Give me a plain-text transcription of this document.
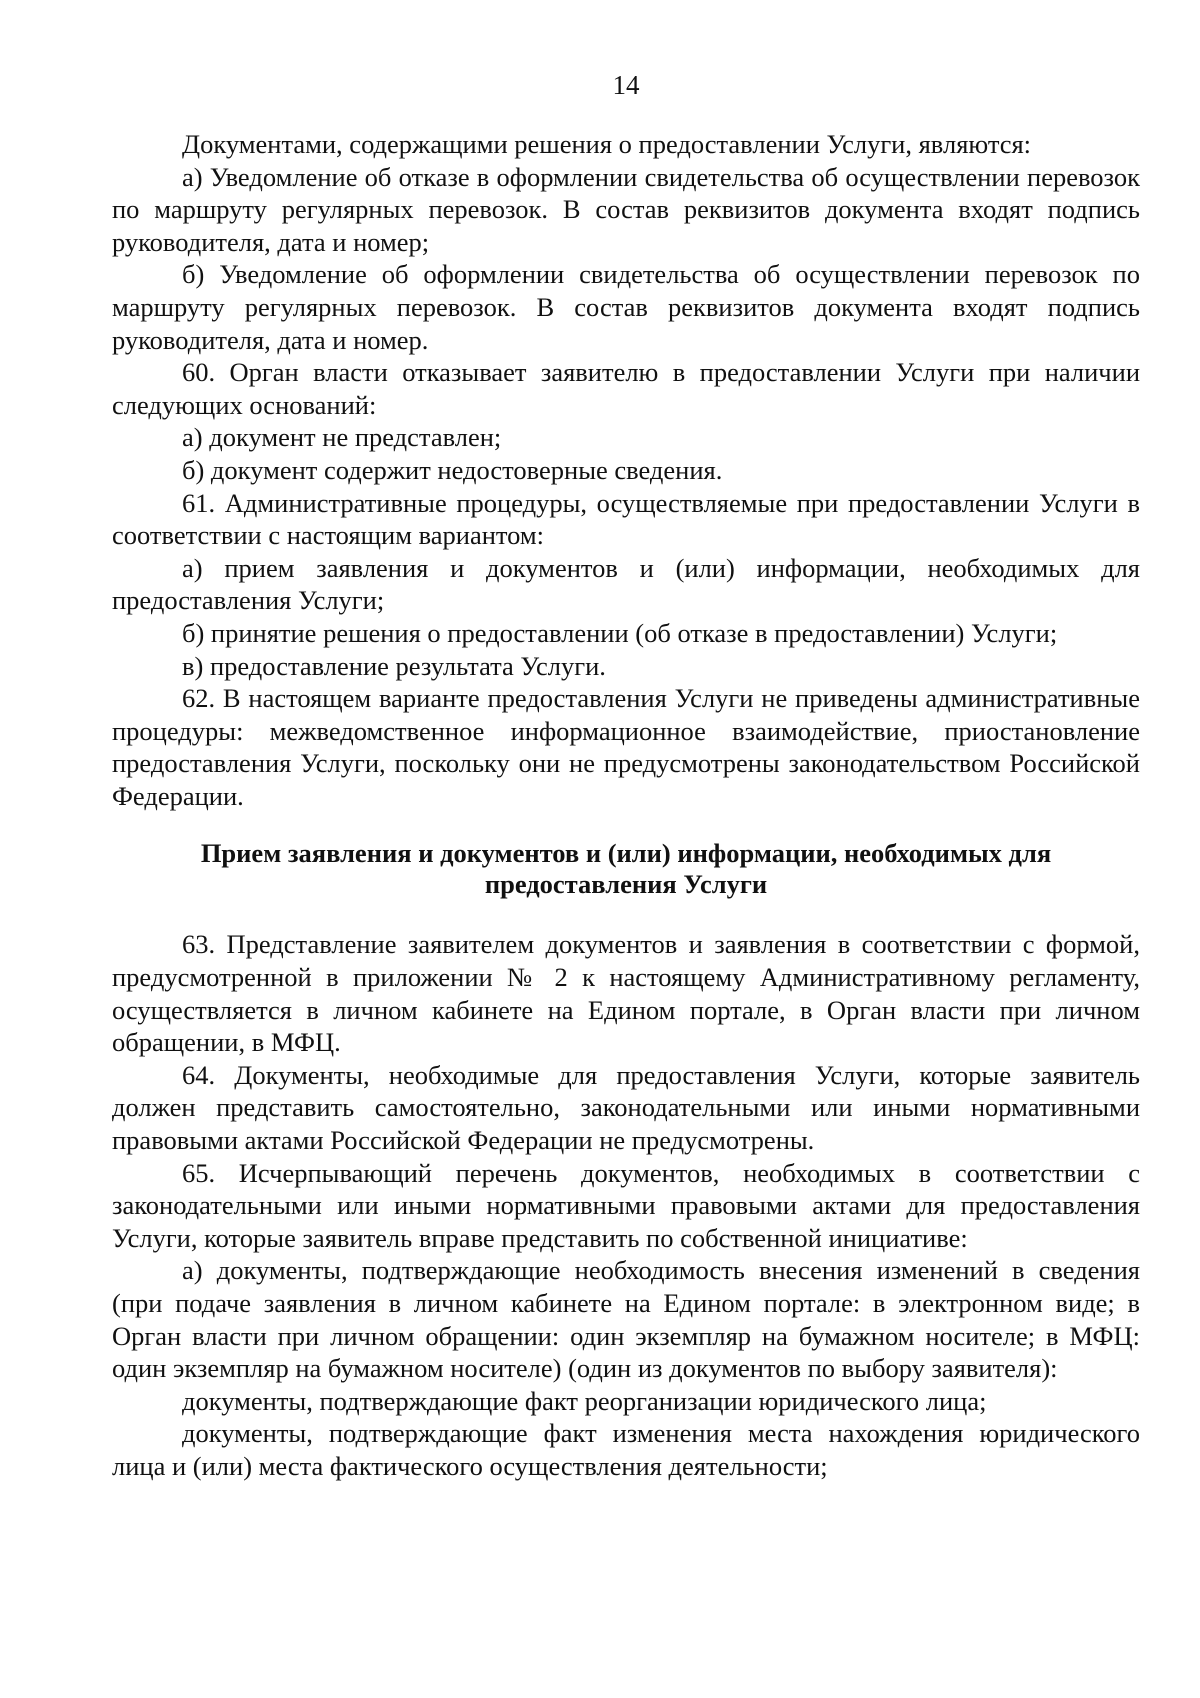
14

Документами, содержащими решения о предоставлении Услуги, являются:

а) Уведомление об отказе в оформлении свидетельства об осуществлении перевозок по маршруту регулярных перевозок. В состав реквизитов документа входят подпись руководителя, дата и номер;

б) Уведомление об оформлении свидетельства об осуществлении перевозок по маршруту регулярных перевозок. В состав реквизитов документа входят подпись руководителя, дата и номер.

60. Орган власти отказывает заявителю в предоставлении Услуги при наличии следующих оснований:

а) документ не представлен;

б) документ содержит недостоверные сведения.

61. Административные процедуры, осуществляемые при предоставлении Услуги в соответствии с настоящим вариантом:

а) прием заявления и документов и (или) информации, необходимых для предоставления Услуги;

б) принятие решения о предоставлении (об отказе в предоставлении) Услуги;

в) предоставление результата Услуги.

62. В настоящем варианте предоставления Услуги не приведены административные процедуры: межведомственное информационное взаимодействие, приостановление предоставления Услуги, поскольку они не предусмотрены законодательством Российской Федерации.

Прием заявления и документов и (или) информации, необходимых для
предоставления Услуги

63. Представление заявителем документов и заявления в соответствии с формой, предусмотренной в приложении № 2 к настоящему Административному регламенту, осуществляется в личном кабинете на Едином портале, в Орган власти при личном обращении, в МФЦ.

64. Документы, необходимые для предоставления Услуги, которые заявитель должен представить самостоятельно, законодательными или иными нормативными правовыми актами Российской Федерации не предусмотрены.

65. Исчерпывающий перечень документов, необходимых в соответствии с законодательными или иными нормативными правовыми актами для предоставления Услуги, которые заявитель вправе представить по собственной инициативе:

а) документы, подтверждающие необходимость внесения изменений в сведения (при подаче заявления в личном кабинете на Едином портале: в электронном виде; в Орган власти при личном обращении: один экземпляр на бумажном носителе; в МФЦ: один экземпляр на бумажном носителе) (один из документов по выбору заявителя):

документы, подтверждающие факт реорганизации юридического лица;

документы, подтверждающие факт изменения места нахождения юридического лица и (или) места фактического осуществления деятельности;
